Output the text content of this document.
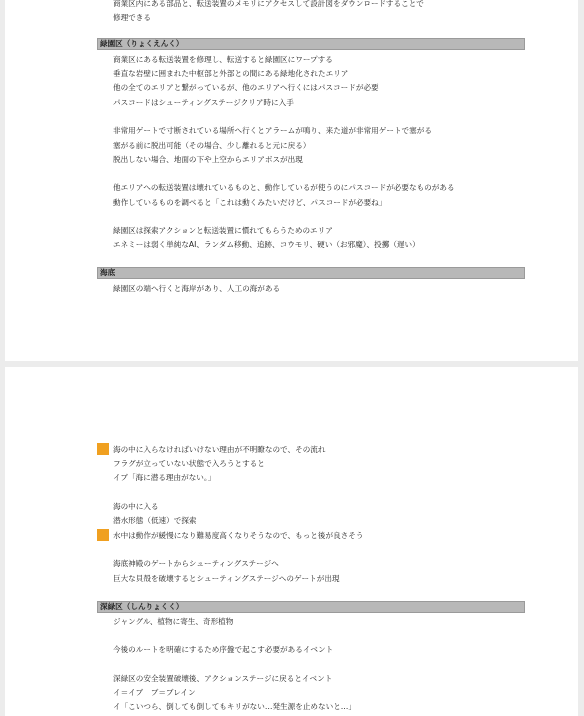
商業区内にある部品と、転送装置のメモリにアクセスして設計図をダウンロードすることで
修理できる
緑園区（りょくえんく）
商業区にある転送装置を修理し、転送すると緑園区にワープする
垂直な岩壁に囲まれた中枢部と外部との間にある緑地化されたエリア
他の全てのエリアと繋がっているが、他のエリアへ行くにはパスコードが必要
パスコードはシューティングステージクリア時に入手
非常用ゲートで寸断されている場所へ行くとアラームが鳴り、来た道が非常用ゲートで塞がる
塞がる前に脱出可能（その場合、少し離れると元に戻る）
脱出しない場合、地面の下や上空からエリアボスが出現
他エリアへの転送装置は壊れているものと、動作しているが使うのにパスコードが必要なものがある
動作しているものを調べると「これは動くみたいだけど、パスコードが必要ね」
緑園区は探索アクションと転送装置に慣れてもらうためのエリア
エネミーは弱く単純なAI、ランダム移動、追跡、コウモリ、硬い（お邪魔）、投擲（遅い）
海底
緑園区の端へ行くと海岸があり、人工の海がある
海の中に入らなければいけない理由が不明瞭なので、その流れ
フラグが立っていない状態で入ろうとすると
イブ「海に潜る理由がない。」
海の中に入る
潜水形態（低速）で探索
水中は動作が緩慢になり難易度高くなりそうなので、もっと後が良さそう
海底神殿のゲートからシューティングステージへ
巨大な貝殻を破壊するとシューティングステージへのゲートが出現
深緑区（しんりょくく）
ジャングル、植物に寄生、奇形植物
今後のルートを明確にするため序盤で起こす必要があるイベント
深緑区の安全装置破壊後、アクションステージに戻るとイベント
イ＝イブ　ブ＝ブレイン
イ「こいつら、倒しても倒してもキリがない…発生源を止めないと…」
